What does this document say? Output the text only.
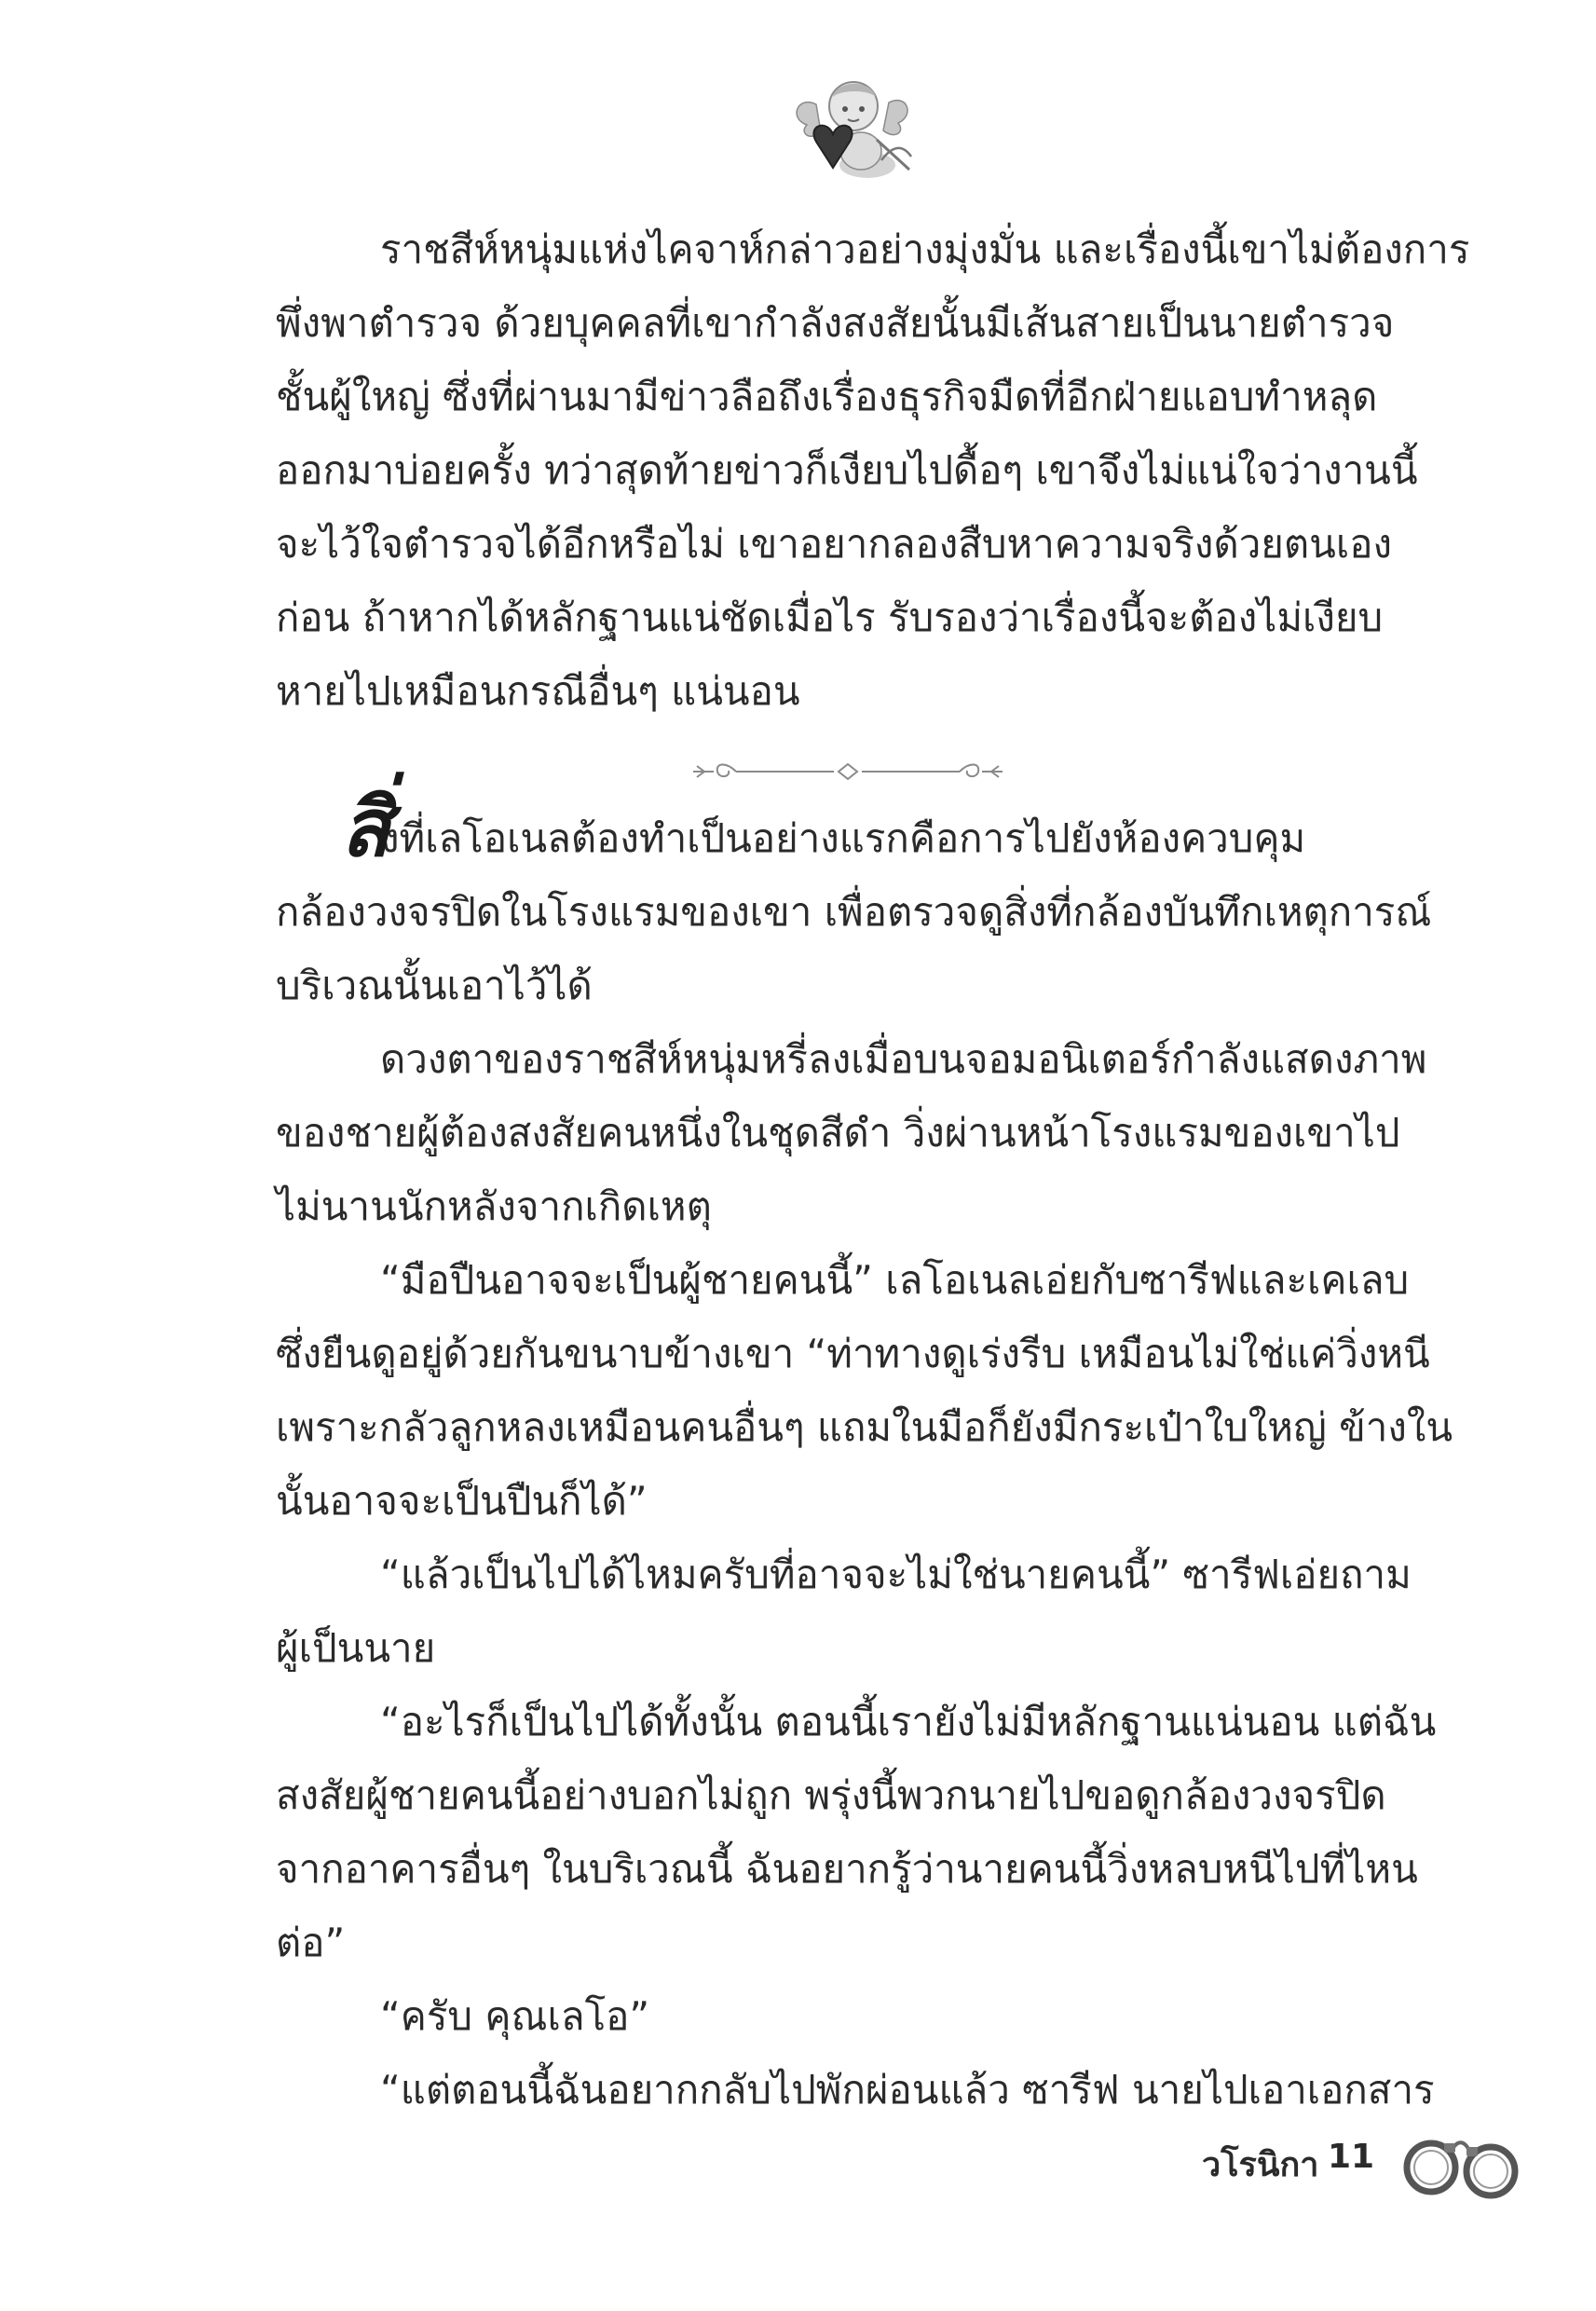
ราชสีห์หนุ่มแห่งไคจาห์กล่าวอย่างมุ่งมั่น และเรื่องนี้เขาไม่ต้องการ
พึ่งพาตำรวจ ด้วยบุคคลที่เขากำลังสงสัยนั้นมีเส้นสายเป็นนายตำรวจ
ชั้นผู้ใหญ่ ซึ่งที่ผ่านมามีข่าวลือถึงเรื่องธุรกิจมืดที่อีกฝ่ายแอบทำหลุด
ออกมาบ่อยครั้ง ทว่าสุดท้ายข่าวก็เงียบไปดื้อๆ เขาจึงไม่แน่ใจว่างานนี้
จะไว้ใจตำรวจได้อีกหรือไม่ เขาอยากลองสืบหาความจริงด้วยตนเอง
ก่อน ถ้าหากได้หลักฐานแน่ชัดเมื่อไร รับรองว่าเรื่องนี้จะต้องไม่เงียบ
หายไปเหมือนกรณีอื่นๆ แน่นอน
สิ่
งที่เลโอเนลต้องทำเป็นอย่างแรกคือการไปยังห้องควบคุม
กล้องวงจรปิดในโรงแรมของเขา เพื่อตรวจดูสิ่งที่กล้องบันทึกเหตุการณ์
บริเวณนั้นเอาไว้ได้
ดวงตาของราชสีห์หนุ่มหรี่ลงเมื่อบนจอมอนิเตอร์กำลังแสดงภาพ
ของชายผู้ต้องสงสัยคนหนึ่งในชุดสีดำ วิ่งผ่านหน้าโรงแรมของเขาไป
ไม่นานนักหลังจากเกิดเหตุ
“มือปืนอาจจะเป็นผู้ชายคนนี้” เลโอเนลเอ่ยกับซารีฟและเคเลบ
ซึ่งยืนดูอยู่ด้วยกันขนาบข้างเขา “ท่าทางดูเร่งรีบ เหมือนไม่ใช่แค่วิ่งหนี
เพราะกลัวลูกหลงเหมือนคนอื่นๆ แถมในมือก็ยังมีกระเป๋าใบใหญ่ ข้างใน
นั้นอาจจะเป็นปืนก็ได้”
“แล้วเป็นไปได้ไหมครับที่อาจจะไม่ใช่นายคนนี้” ซารีฟเอ่ยถาม
ผู้เป็นนาย
“อะไรก็เป็นไปได้ทั้งนั้น ตอนนี้เรายังไม่มีหลักฐานแน่นอน แต่ฉัน
สงสัยผู้ชายคนนี้อย่างบอกไม่ถูก พรุ่งนี้พวกนายไปขอดูกล้องวงจรปิด
จากอาคารอื่นๆ ในบริเวณนี้ ฉันอยากรู้ว่านายคนนี้วิ่งหลบหนีไปที่ไหน
ต่อ”
“ครับ คุณเลโอ”
“แต่ตอนนี้ฉันอยากกลับไปพักผ่อนแล้ว ซารีฟ นายไปเอาเอกสาร
วโรนิกา 11
